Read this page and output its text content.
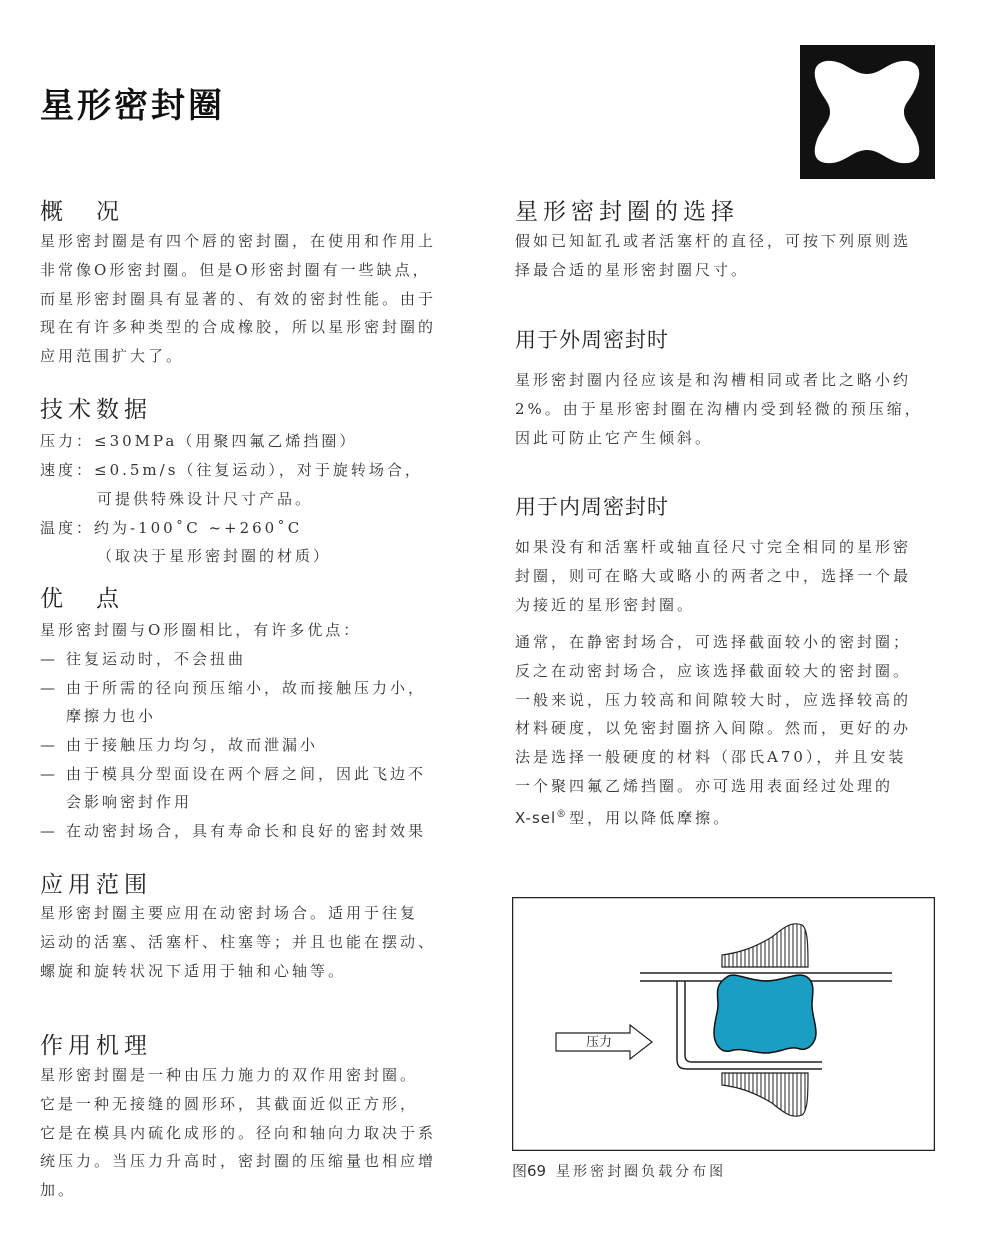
星形密封圈
概　况
星形密封圈是有四个唇的密封圈，在使用和作用上
非常像O形密封圈。但是O形密封圈有一些缺点，
而星形密封圈具有显著的、有效的密封性能。由于
现在有许多种类型的合成橡胶，所以星形密封圈的
应用范围扩大了。
技术数据
压力：≤30MPa（用聚四氟乙烯挡圈）
速度：≤0.5m/s（往复运动），对于旋转场合，
可提供特殊设计尺寸产品。
温度：约为-100˚C ~+260˚C
（取决于星形密封圈的材质）
优　点
星形密封圈与O形圈相比，有许多优点：
— 往复运动时，不会扭曲
— 由于所需的径向预压缩小，故而接触压力小，
摩擦力也小
— 由于接触压力均匀，故而泄漏小
— 由于模具分型面设在两个唇之间，因此飞边不
会影响密封作用
— 在动密封场合，具有寿命长和良好的密封效果
应用范围
星形密封圈主要应用在动密封场合。适用于往复
运动的活塞、活塞杆、柱塞等；并且也能在摆动、
螺旋和旋转状况下适用于轴和心轴等。
作用机理
星形密封圈是一种由压力施力的双作用密封圈。
它是一种无接缝的圆形环，其截面近似正方形，
它是在模具内硫化成形的。径向和轴向力取决于系
统压力。当压力升高时，密封圈的压缩量也相应增
加。
星形密封圈的选择
假如已知缸孔或者活塞杆的直径，可按下列原则选
择最合适的星形密封圈尺寸。
用于外周密封时
星形密封圈内径应该是和沟槽相同或者比之略小约
2%。由于星形密封圈在沟槽内受到轻微的预压缩，
因此可防止它产生倾斜。
用于内周密封时
如果没有和活塞杆或轴直径尺寸完全相同的星形密
封圈，则可在略大或略小的两者之中，选择一个最
为接近的星形密封圈。
通常，在静密封场合，可选择截面较小的密封圈；
反之在动密封场合，应该选择截面较大的密封圈。
一般来说，压力较高和间隙较大时，应选择较高的
材料硬度，以免密封圈挤入间隙。然而，更好的办
法是选择一般硬度的材料（邵氏A70），并且安装
一个聚四氟乙烯挡圈。亦可选用表面经过处理的
X-sel®型，用以降低摩擦。
压力
图69 星形密封圈负载分布图
